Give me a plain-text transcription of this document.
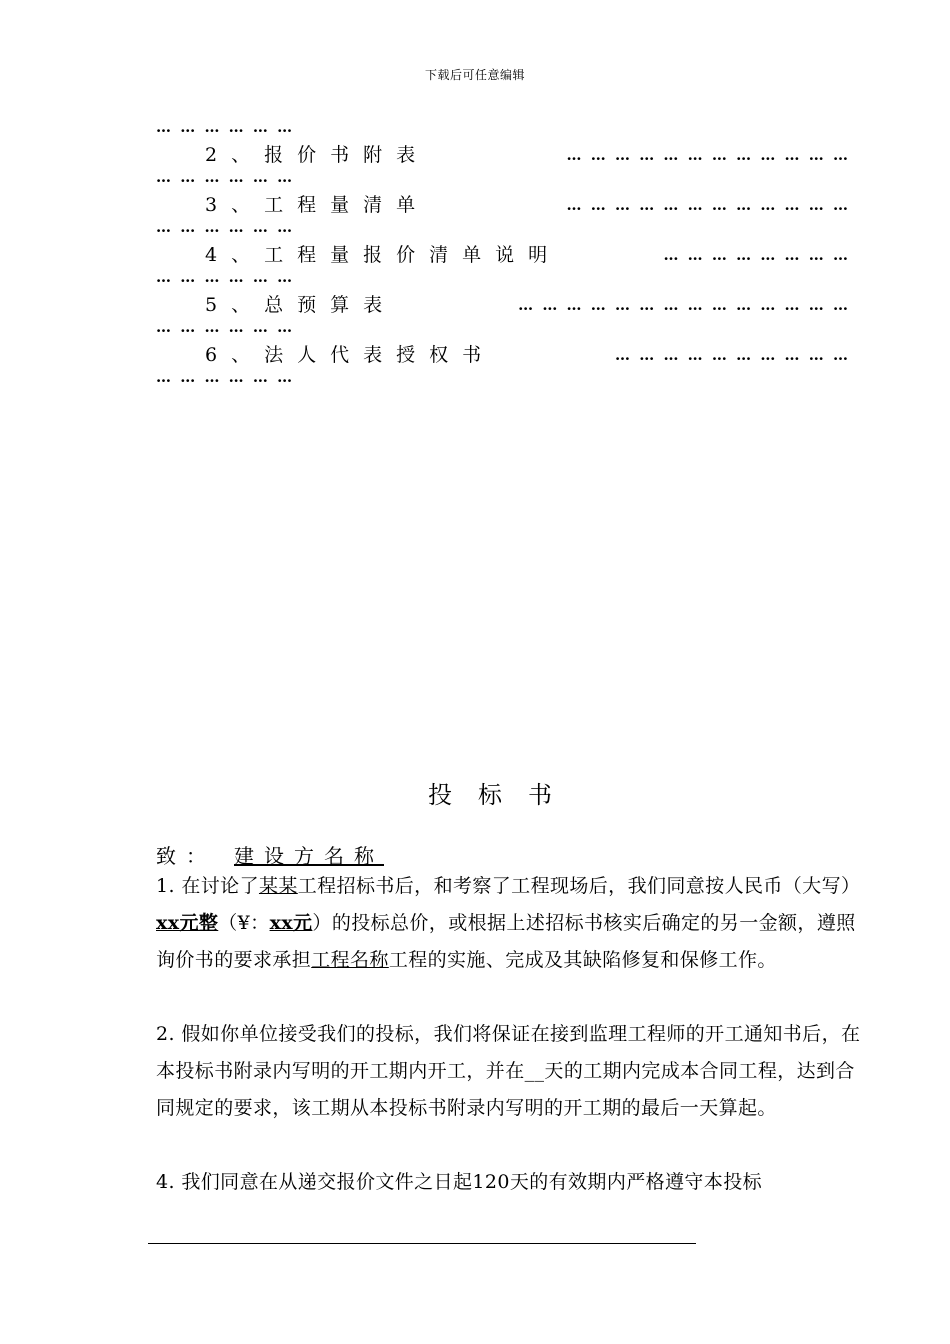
下载后可任意编辑
… … … … … …
2、报价书附表	… … … … … … … … … … … …
… … … … … …
3、工程量清单	… … … … … … … … … … … …
… … … … … …
4、工程量报价清单说明	… … … … … … … …
… … … … … …
5、总预算表	… … … … … … … … … … … … … …
… … … … … …
6、法人代表授权书	… … … … … … … … … …
… … … … … …
投标书
致： 建设方名称
1. 在讨论了某某工程招标书后，和考察了工程现场后，我们同意按人民币（大写）xx元整（¥：xx元）的投标总价，或根据上述招标书核实后确定的另一金额，遵照询价书的要求承担工程名称工程的实施、完成及其缺陷修复和保修工作。
2. 假如你单位接受我们的投标，我们将保证在接到监理工程师的开工通知书后，在本投标书附录内写明的开工期内开工，并在__天的工期内完成本合同工程，达到合同规定的要求，该工期从本投标书附录内写明的开工期的最后一天算起。
4. 我们同意在从递交报价文件之日起120天的有效期内严格遵守本投标
